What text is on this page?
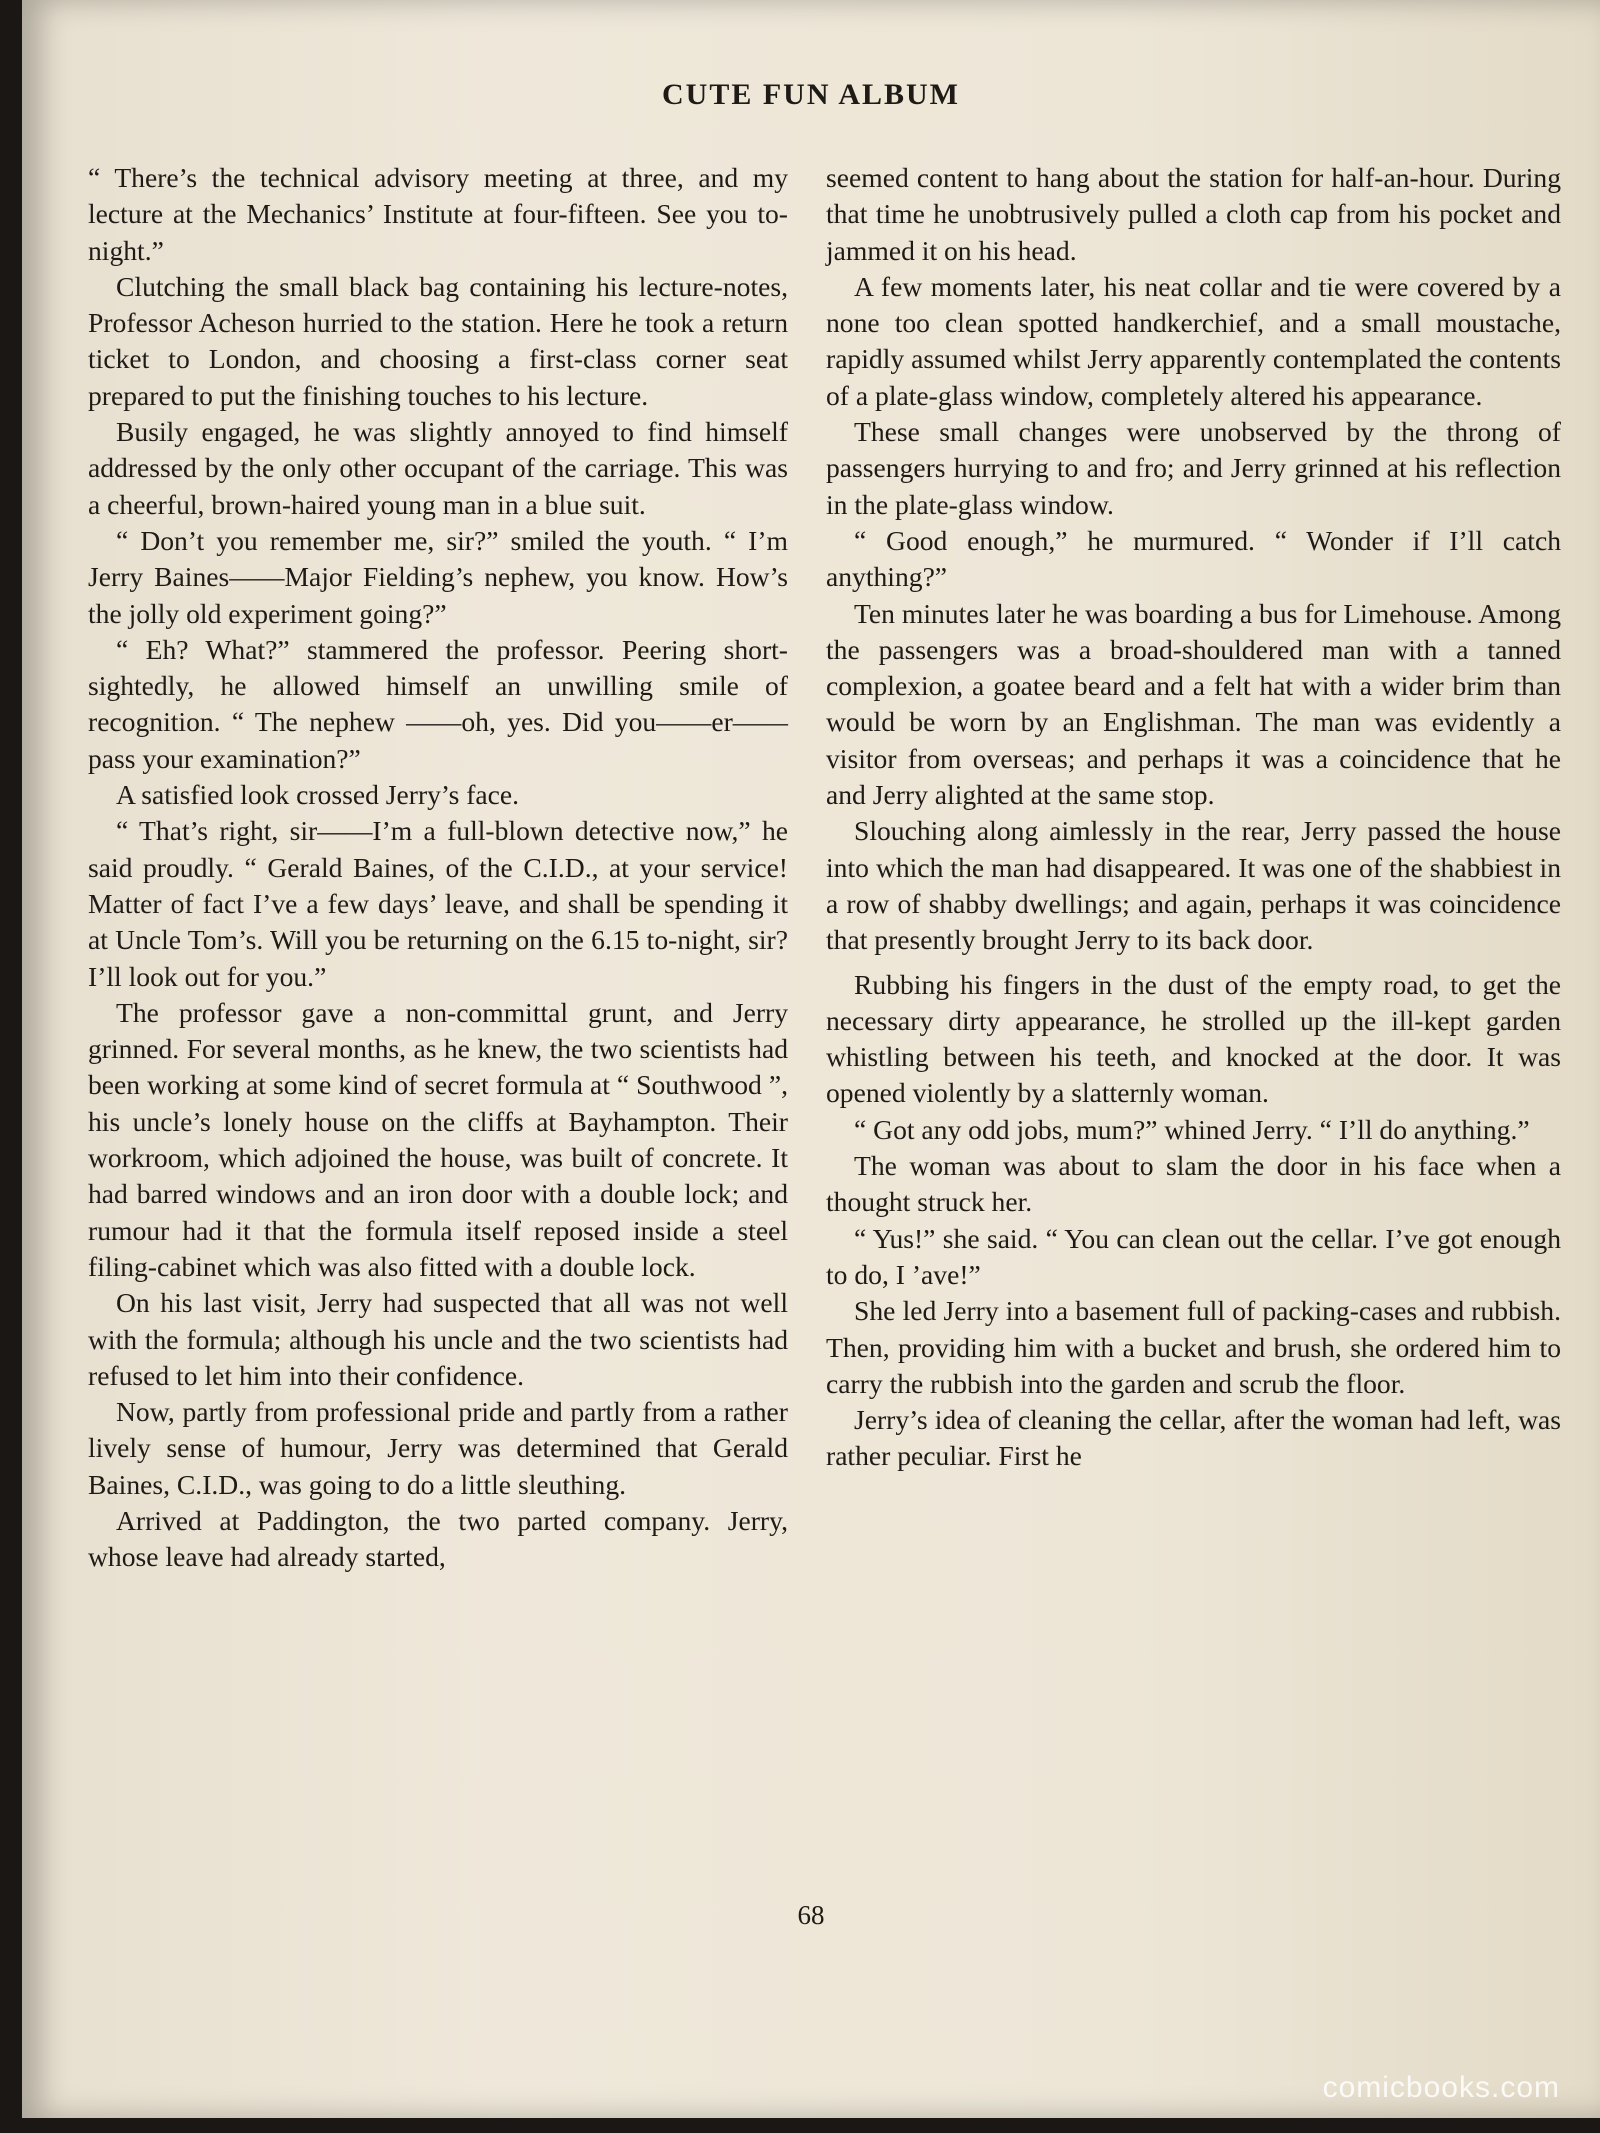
CUTE FUN ALBUM

“ There’s the technical advisory meeting at three, and my lecture at the Mechanics’ Institute at four-fifteen. See you to-night.”

Clutching the small black bag containing his lecture-notes, Professor Acheson hurried to the station. Here he took a return ticket to London, and choosing a first-class corner seat prepared to put the finishing touches to his lecture.

Busily engaged, he was slightly annoyed to find himself addressed by the only other occupant of the carriage. This was a cheerful, brown-haired young man in a blue suit.

“ Don’t you remember me, sir?” smiled the youth. “ I’m Jerry Baines——Major Fielding’s nephew, you know. How’s the jolly old experiment going?”

“ Eh? What?” stammered the professor. Peering short-sightedly, he allowed himself an unwilling smile of recognition. “ The nephew ——oh, yes. Did you——er——pass your examination?”

A satisfied look crossed Jerry’s face.

“ That’s right, sir——I’m a full-blown detective now,” he said proudly. “ Gerald Baines, of the C.I.D., at your service! Matter of fact I’ve a few days’ leave, and shall be spending it at Uncle Tom’s. Will you be returning on the 6.15 to-night, sir? I’ll look out for you.”

The professor gave a non-committal grunt, and Jerry grinned. For several months, as he knew, the two scientists had been working at some kind of secret formula at “ Southwood ”, his uncle’s lonely house on the cliffs at Bayhampton. Their workroom, which adjoined the house, was built of concrete. It had barred windows and an iron door with a double lock; and rumour had it that the formula itself reposed inside a steel filing-cabinet which was also fitted with a double lock.

On his last visit, Jerry had suspected that all was not well with the formula; although his uncle and the two scientists had refused to let him into their confidence.

Now, partly from professional pride and partly from a rather lively sense of humour, Jerry was determined that Gerald Baines, C.I.D., was going to do a little sleuthing.

Arrived at Paddington, the two parted company. Jerry, whose leave had already started,

seemed content to hang about the station for half-an-hour. During that time he unobtrusively pulled a cloth cap from his pocket and jammed it on his head.

A few moments later, his neat collar and tie were covered by a none too clean spotted handkerchief, and a small moustache, rapidly assumed whilst Jerry apparently contemplated the contents of a plate-glass window, completely altered his appearance.

These small changes were unobserved by the throng of passengers hurrying to and fro; and Jerry grinned at his reflection in the plate-glass window.

“ Good enough,” he murmured. “ Wonder if I’ll catch anything?”

Ten minutes later he was boarding a bus for Limehouse. Among the passengers was a broad-shouldered man with a tanned complexion, a goatee beard and a felt hat with a wider brim than would be worn by an Englishman. The man was evidently a visitor from overseas; and perhaps it was a coincidence that he and Jerry alighted at the same stop.

Slouching along aimlessly in the rear, Jerry passed the house into which the man had disappeared. It was one of the shabbiest in a row of shabby dwellings; and again, perhaps it was coincidence that presently brought Jerry to its back door.

Rubbing his fingers in the dust of the empty road, to get the necessary dirty appearance, he strolled up the ill-kept garden whistling between his teeth, and knocked at the door. It was opened violently by a slatternly woman.

“ Got any odd jobs, mum?” whined Jerry. “ I’ll do anything.”

The woman was about to slam the door in his face when a thought struck her.

“ Yus!” she said. “ You can clean out the cellar. I’ve got enough to do, I ’ave!”

She led Jerry into a basement full of packing-cases and rubbish. Then, providing him with a bucket and brush, she ordered him to carry the rubbish into the garden and scrub the floor.

Jerry’s idea of cleaning the cellar, after the woman had left, was rather peculiar. First he

68
comicbooks.com
